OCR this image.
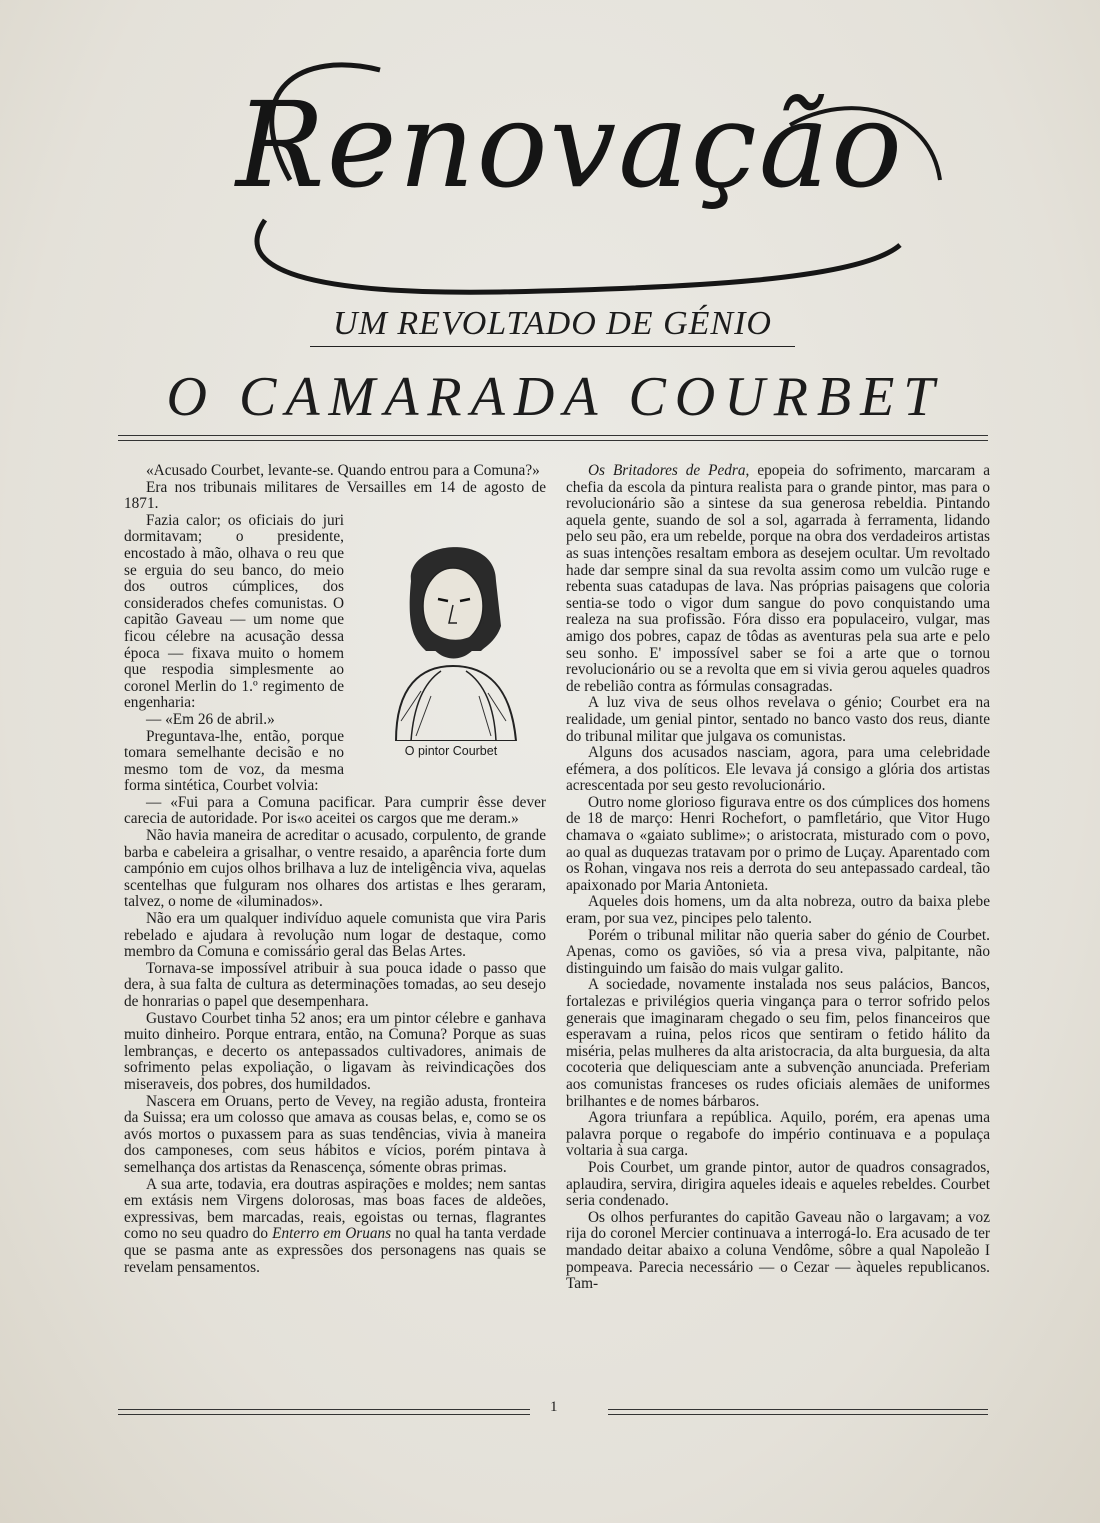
Renovação
UM REVOLTADO DE GÉNIO
O CAMARADA COURBET

«Acusado Courbet, levante-se. Quando entrou para a Comuna?»

Era nos tribunais militares de Versailles em 14 de agosto de 1871.

O pintor Courbet

Fazia calor; os oficiais do juri dormitavam; o presidente, encostado à mão, olhava o reu que se erguia do seu banco, do meio dos outros cúmplices, dos considerados chefes comunistas. O capitão Gaveau — um nome que ficou célebre na acusação dessa época — fixava muito o homem que respodia simplesmente ao coronel Merlin do 1.º regimento de engenharia:

— «Em 26 de abril.»

Preguntava-lhe, então, porque tomara semelhante decisão e no mesmo tom de voz, da mesma forma sintética, Courbet volvia:

— «Fui para a Comuna pacificar. Para cumprir êsse dever carecia de autoridade. Por is«o aceitei os cargos que me deram.»

Não havia maneira de acreditar o acusado, corpulento, de grande barba e cabeleira a grisalhar, o ventre resaido, a aparência forte dum campónio em cujos olhos brilhava a luz de inteligência viva, aquelas scentelhas que fulguram nos olhares dos artistas e lhes geraram, talvez, o nome de «iluminados».

Não era um qualquer indivíduo aquele comunista que vira Paris rebelado e ajudara à revolução num logar de destaque, como membro da Comuna e comissário geral das Belas Artes.

Tornava-se impossível atribuir à sua pouca idade o passo que dera, à sua falta de cultura as determinações tomadas, ao seu desejo de honrarias o papel que desempenhara.

Gustavo Courbet tinha 52 anos; era um pintor célebre e ganhava muito dinheiro. Porque entrara, então, na Comuna? Porque as suas lembranças, e decerto os antepassados cultivadores, animais de sofrimento pelas expoliação, o ligavam às reivindicações dos miseraveis, dos pobres, dos humildados.

Nascera em Oruans, perto de Vevey, na região adusta, fronteira da Suissa; era um colosso que amava as cousas belas, e, como se os avós mortos o puxassem para as suas tendências, vivia à maneira dos camponeses, com seus hábitos e vícios, porém pintava à semelhança dos artistas da Renascença, sómente obras primas.

A sua arte, todavia, era doutras aspirações e moldes; nem santas em extásis nem Virgens dolorosas, mas boas faces de aldeões, expressivas, bem marcadas, reais, egoistas ou ternas, flagrantes como no seu quadro do Enterro em Oruans no qual ha tanta verdade que se pasma ante as expressões dos personagens nas quais se revelam pensamentos.

Os Britadores de Pedra, epopeia do sofrimento, marcaram a chefia da escola da pintura realista para o grande pintor, mas para o revolucionário são a sintese da sua generosa rebeldia. Pintando aquela gente, suando de sol a sol, agarrada à ferramenta, lidando pelo seu pão, era um rebelde, porque na obra dos verdadeiros artistas as suas intenções resaltam embora as desejem ocultar. Um revoltado hade dar sempre sinal da sua revolta assim como um vulcão ruge e rebenta suas catadupas de lava. Nas próprias paisagens que coloria sentia-se todo o vigor dum sangue do povo conquistando uma realeza na sua profissão. Fóra disso era populaceiro, vulgar, mas amigo dos pobres, capaz de tôdas as aventuras pela sua arte e pelo seu sonho. E' impossível saber se foi a arte que o tornou revolucionário ou se a revolta que em si vivia gerou aqueles quadros de rebelião contra as fórmulas consagradas.

A luz viva de seus olhos revelava o génio; Courbet era na realidade, um genial pintor, sentado no banco vasto dos reus, diante do tribunal militar que julgava os comunistas.

Alguns dos acusados nasciam, agora, para uma celebridade efémera, a dos políticos. Ele levava já consigo a glória dos artistas acrescentada por seu gesto revolucionário.

Outro nome glorioso figurava entre os dos cúmplices dos homens de 18 de março: Henri Rochefort, o pamfletário, que Vitor Hugo chamava o «gaiato sublime»; o aristocrata, misturado com o povo, ao qual as duquezas tratavam por o primo de Luçay. Aparentado com os Rohan, vingava nos reis a derrota do seu antepassado cardeal, tão apaixonado por Maria Antonieta.

Aqueles dois homens, um da alta nobreza, outro da baixa plebe eram, por sua vez, pincipes pelo talento.

Porém o tribunal militar não queria saber do génio de Courbet. Apenas, como os gaviões, só via a presa viva, palpitante, não distinguindo um faisão do mais vulgar galito.

A sociedade, novamente instalada nos seus palácios, Bancos, fortalezas e privilégios queria vingança para o terror sofrido pelos generais que imaginaram chegado o seu fim, pelos financeiros que esperavam a ruina, pelos ricos que sentiram o fetido hálito da miséria, pelas mulheres da alta aristocracia, da alta burguesia, da alta cocoteria que deliquesciam ante a subvenção anunciada. Preferiam aos comunistas franceses os rudes oficiais alemães de uniformes brilhantes e de nomes bárbaros.

Agora triunfara a república. Aquilo, porém, era apenas uma palavra porque o regabofe do império continuava e a populaça voltaria à sua carga.

Pois Courbet, um grande pintor, autor de quadros consagrados, aplaudira, servira, dirigira aqueles ideais e aqueles rebeldes. Courbet seria condenado.

Os olhos perfurantes do capitão Gaveau não o largavam; a voz rija do coronel Mercier continuava a interrogá-lo. Era acusado de ter mandado deitar abaixo a coluna Vendôme, sôbre a qual Napoleão I pompeava. Parecia necessário — o Cezar — àqueles republicanos. Tam-

1
